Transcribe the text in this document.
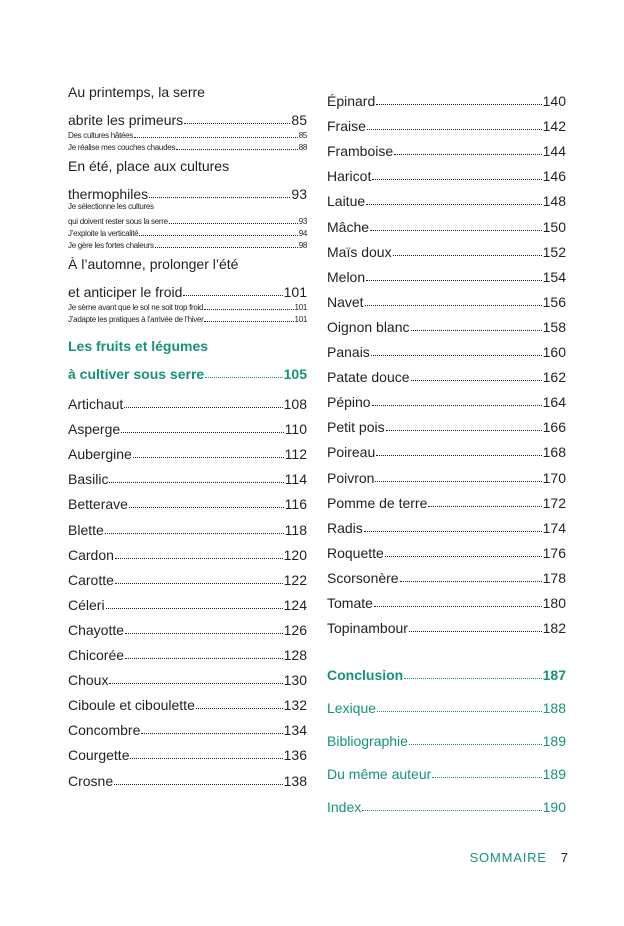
Au printemps, la serre
abrite les primeurs	85
Des cultures hâtées	85
Je réalise mes couches chaudes	88
En été, place aux cultures
thermophiles	93
Je sélectionne les cultures
qui doivent rester sous la serre	93
J’exploite la verticalité	94
Je gère les fortes chaleurs	98
À l’automne, prolonger l’été
et anticiper le froid	101
Je sème avant que le sol ne soit trop froid	101
J’adapte les pratiques à l’arrivée de l’hiver	101
Les fruits et légumes
à cultiver sous serre	105
Artichaut	108
Asperge	110
Aubergine	112
Basilic	114
Betterave	116
Blette	118
Cardon	120
Carotte	122
Céleri	124
Chayotte	126
Chicorée	128
Choux	130
Ciboule et ciboulette	132
Concombre	134
Courgette	136
Crosne	138
Épinard	140
Fraise	142
Framboise	144
Haricot	146
Laitue	148
Mâche	150
Maïs doux	152
Melon	154
Navet	156
Oignon blanc	158
Panais	160
Patate douce	162
Pépino	164
Petit pois	166
Poireau	168
Poivron	170
Pomme de terre	172
Radis	174
Roquette	176
Scorsonère	178
Tomate	180
Topinambour	182
Conclusion	187
Lexique	188
Bibliographie	189
Du même auteur	189
Index	190
SOMMAIRE 7
